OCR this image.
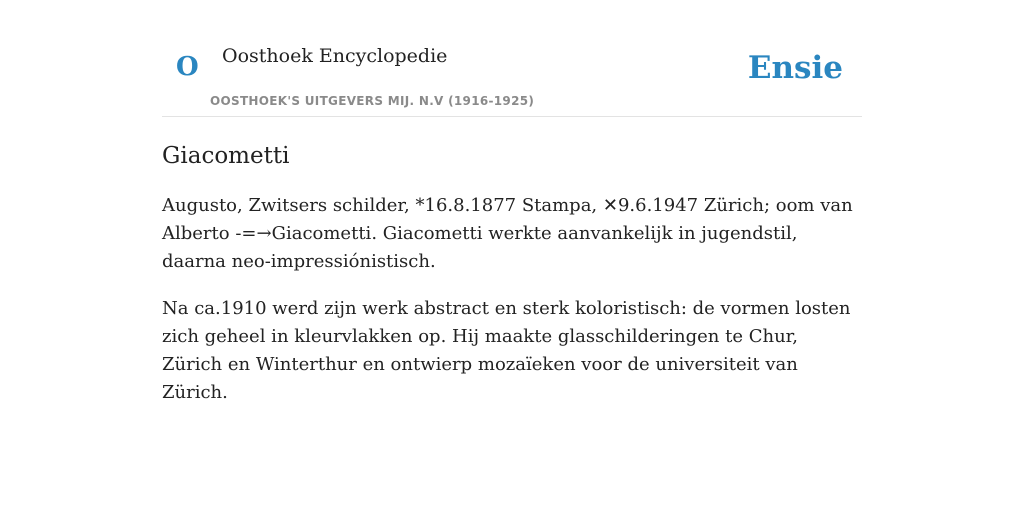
O Oosthoek Encyclopedie
OOSTHOEK'S UITGEVERS MIJ. N.V (1916-1925)
Ensie
Giacometti

Augusto, Zwitsers schilder, *16.8.1877 Stampa, ✕9.6.1947 Zürich; oom van Alberto -=→Giacometti. Giacometti werkte aanvankelijk in jugendstil, daarna neo-impressiónistisch.

Na ca.1910 werd zijn werk abstract en sterk koloristisch: de vormen losten zich geheel in kleurvlakken op. Hij maakte glasschilderingen te Chur, Zürich en Winterthur en ontwierp mozaïeken voor de universiteit van Zürich.
